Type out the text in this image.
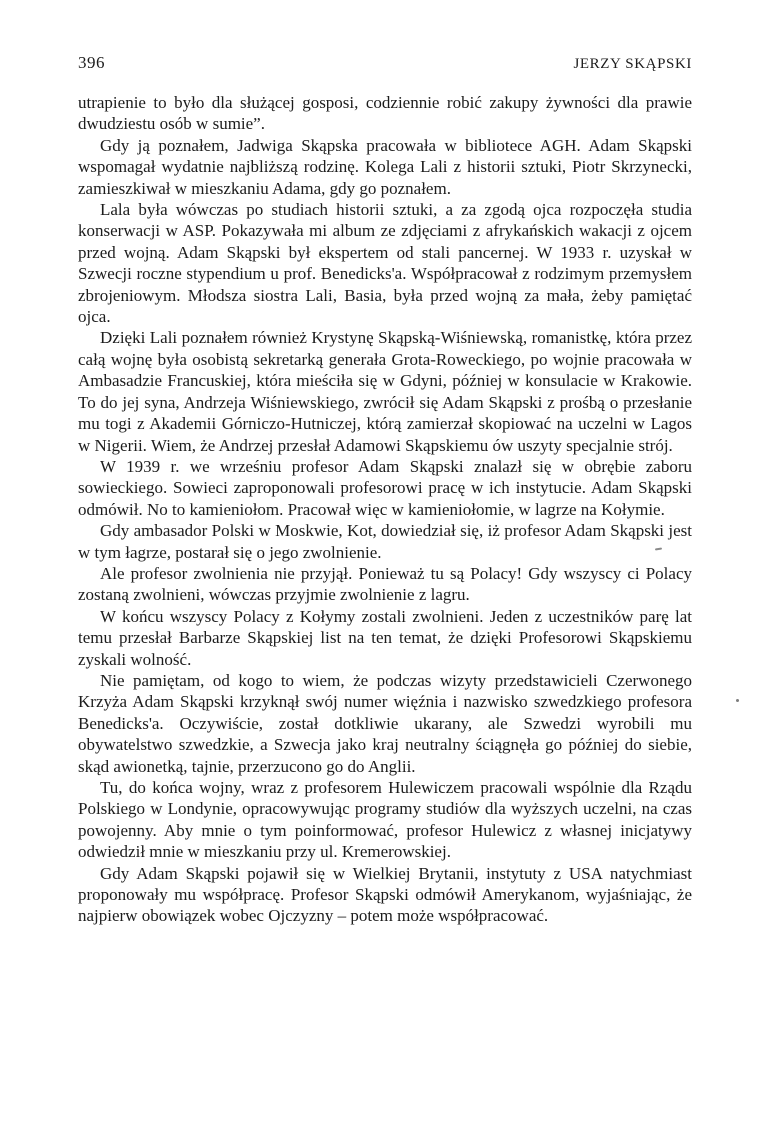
396	JERZY SKĄPSKI

utrapienie to było dla służącej gosposi, codziennie robić zakupy żywności dla prawie dwudziestu osób w sumie”.

Gdy ją poznałem, Jadwiga Skąpska pracowała w bibliotece AGH. Adam Skąpski wspomagał wydatnie najbliższą rodzinę. Kolega Lali z historii sztuki, Piotr Skrzynecki, zamieszkiwał w mieszkaniu Adama, gdy go poznałem.

Lala była wówczas po studiach historii sztuki, a za zgodą ojca rozpoczęła studia konserwacji w ASP. Pokazywała mi album ze zdjęciami z afrykańskich wakacji z ojcem przed wojną. Adam Skąpski był ekspertem od stali pancernej. W 1933 r. uzyskał w Szwecji roczne stypendium u prof. Benedicks'a. Współpracował z rodzimym przemysłem zbrojeniowym. Młodsza siostra Lali, Basia, była przed wojną za mała, żeby pamiętać ojca.

Dzięki Lali poznałem również Krystynę Skąpską-Wiśniewską, romanistkę, która przez całą wojnę była osobistą sekretarką generała Grota-Roweckiego, po wojnie pracowała w Ambasadzie Francuskiej, która mieściła się w Gdyni, później w konsulacie w Krakowie. To do jej syna, Andrzeja Wiśniewskiego, zwrócił się Adam Skąpski z prośbą o przesłanie mu togi z Akademii Górniczo-Hutniczej, którą zamierzał skopiować na uczelni w Lagos w Nigerii. Wiem, że Andrzej przesłał Adamowi Skąpskiemu ów uszyty specjalnie strój.

W 1939 r. we wrześniu profesor Adam Skąpski znalazł się w obrębie zaboru sowieckiego. Sowieci zaproponowali profesorowi pracę w ich instytucie. Adam Skąpski odmówił. No to kamieniołom. Pracował więc w kamieniołomie, w lagrze na Kołymie.

Gdy ambasador Polski w Moskwie, Kot, dowiedział się, iż profesor Adam Skąpski jest w tym łagrze, postarał się o jego zwolnienie.

Ale profesor zwolnienia nie przyjął. Ponieważ tu są Polacy! Gdy wszyscy ci Polacy zostaną zwolnieni, wówczas przyjmie zwolnienie z lagru.

W końcu wszyscy Polacy z Kołymy zostali zwolnieni. Jeden z uczestników parę lat temu przesłał Barbarze Skąpskiej list na ten temat, że dzięki Profesorowi Skąpskiemu zyskali wolność.

Nie pamiętam, od kogo to wiem, że podczas wizyty przedstawicieli Czerwonego Krzyża Adam Skąpski krzyknął swój numer więźnia i nazwisko szwedzkiego profesora Benedicks'a. Oczywiście, został dotkliwie ukarany, ale Szwedzi wyrobili mu obywatelstwo szwedzkie, a Szwecja jako kraj neutralny ściągnęła go później do siebie, skąd awionetką, tajnie, przerzucono go do Anglii.

Tu, do końca wojny, wraz z profesorem Hulewiczem pracowali wspólnie dla Rządu Polskiego w Londynie, opracowywując programy studiów dla wyższych uczelni, na czas powojenny. Aby mnie o tym poinformować, profesor Hulewicz z własnej inicjatywy odwiedził mnie w mieszkaniu przy ul. Kremerowskiej.

Gdy Adam Skąpski pojawił się w Wielkiej Brytanii, instytuty z USA natychmiast proponowały mu współpracę. Profesor Skąpski odmówił Amerykanom, wyjaśniając, że najpierw obowiązek wobec Ojczyzny – potem może współpracować.
